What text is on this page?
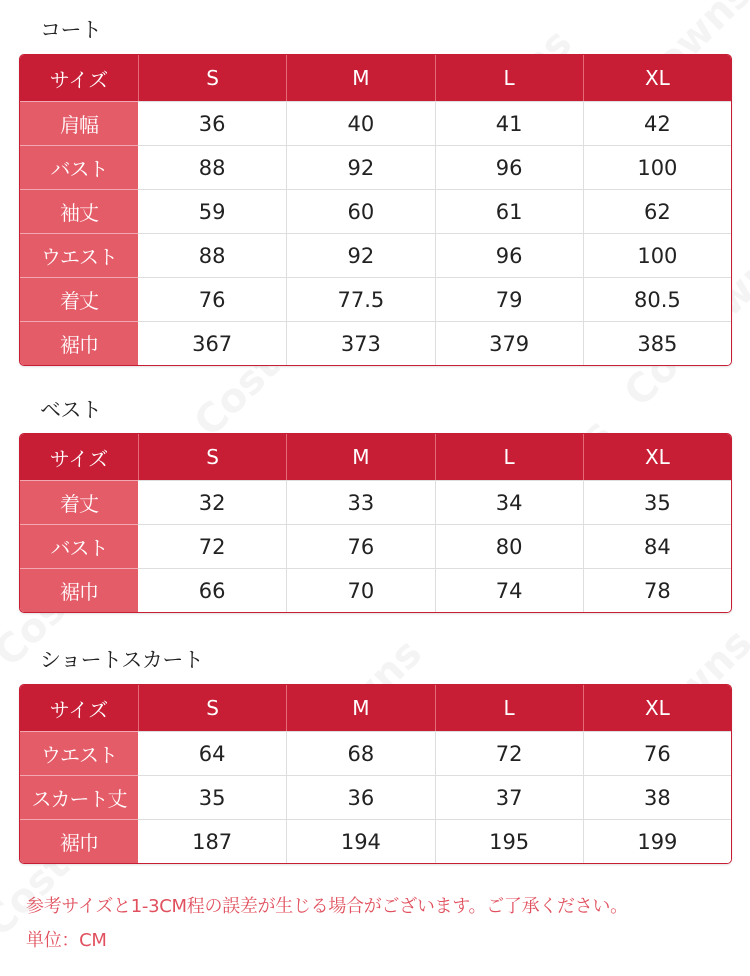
コート
サイズ	S	M	L	XL
肩幅	36	40	41	42
バスト	88	92	96	100
袖丈	59	60	61	62
ウエスト	88	92	96	100
着丈	76	77.5	79	80.5
裾巾	367	373	379	385
ベスト
サイズ	S	M	L	XL
着丈	32	33	34	35
バスト	72	76	80	84
裾巾	66	70	74	78
ショートスカート
サイズ	S	M	L	XL
ウエスト	64	68	72	76
スカート丈	35	36	37	38
裾巾	187	194	195	199
参考サイズと1-3CM程の誤差が生じる場合がございます。ご了承ください。
単位：CM
